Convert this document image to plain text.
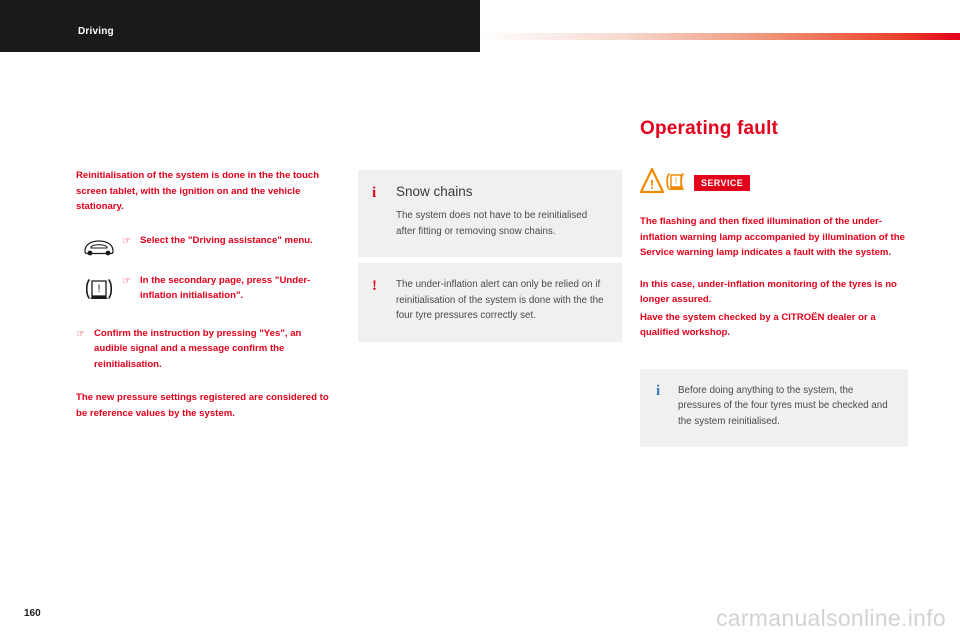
Driving
160	carmanualsonline.info

Reinitialisation of the system is done in the the touch screen tablet, with the ignition on and the vehicle stationary.

☞ Select the "Driving assistance" menu.
!
☞ In the secondary page, press "Under-inflation initialisation".
☞ Confirm the instruction by pressing "Yes", an audible signal and a message confirm the reinitialisation.

The new pressure settings registered are considered to be reference values by the system.

i Snow chains

The system does not have to be reinitialised after fitting or removing snow chains.

! The under-inflation alert can only be relied on if reinitialisation of the system is done with the the four tyre pressures correctly set.

Operating fault
! !	SERVICE

The flashing and then fixed illumination of the under-inflation warning lamp accompanied by illumination of the Service warning lamp indicates a fault with the system.

In this case, under-inflation monitoring of the tyres is no longer assured.

Have the system checked by a CITROËN dealer or a qualified workshop.

i Before doing anything to the system, the pressures of the four tyres must be checked and the system reinitialised.
